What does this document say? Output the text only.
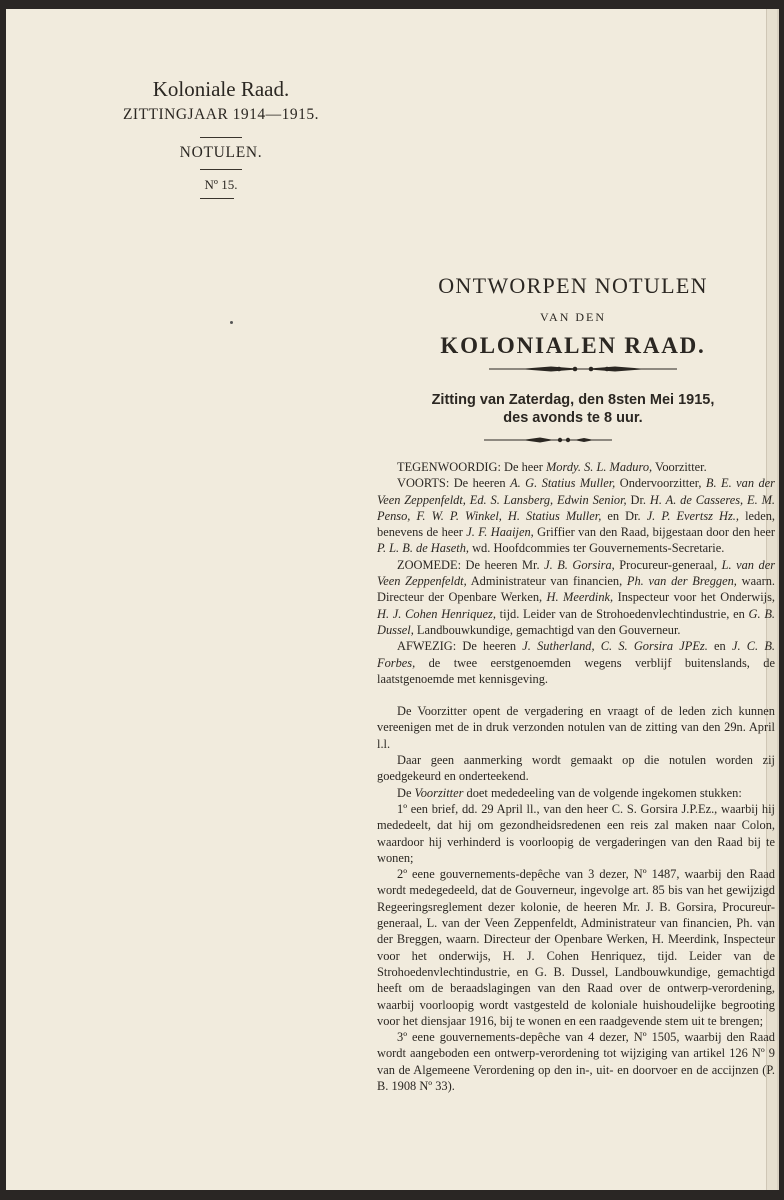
Koloniale Raad.
ZITTINGJAAR 1914—1915.
NOTULEN.
Nº 15.
ONTWORPEN NOTULEN
VAN DEN
KOLONIALEN RAAD.
Zitting van Zaterdag, den 8sten Mei 1915,
des avonds te 8 uur.

TEGENWOORDIG: De heer Mordy. S. L. Maduro, Voorzitter.

VOORTS: De heeren A. G. Statius Muller, Ondervoorzitter, B. E. van der Veen Zeppenfeldt, Ed. S. Lansberg, Edwin Senior, Dr. H. A. de Casseres, E. M. Penso, F. W. P. Winkel, H. Statius Muller, en Dr. J. P. Evertsz Hz., leden, benevens de heer J. F. Haaijen, Griffier van den Raad, bijgestaan door den heer P. L. B. de Haseth, wd. Hoofdcommies ter Gouvernements-Secretarie.

ZOOMEDE: De heeren Mr. J. B. Gorsira, Procureur-generaal, L. van der Veen Zeppenfeldt, Administrateur van financien, Ph. van der Breggen, waarn. Directeur der Openbare Werken, H. Meerdink, Inspecteur voor het Onderwijs, H. J. Cohen Henriquez, tijd. Leider van de Strohoedenvlechtindustrie, en G. B. Dussel, Landbouwkundige, gemachtigd van den Gouverneur.

AFWEZIG: De heeren J. Sutherland, C. S. Gorsira JPEz. en J. C. B. Forbes, de twee eerstgenoemden wegens verblijf buitenslands, de laatstgenoemde met kennisgeving.

De Voorzitter opent de vergadering en vraagt of de leden zich kunnen vereenigen met de in druk verzonden notulen van de zitting van den 29n. April l.l.

Daar geen aanmerking wordt gemaakt op die notulen worden zij goedgekeurd en onderteekend.

De Voorzitter doet mededeeling van de volgende ingekomen stukken:

1º een brief, dd. 29 April ll., van den heer C. S. Gorsira J.P.Ez., waarbij hij mededeelt, dat hij om gezondheidsredenen een reis zal maken naar Colon, waardoor hij verhinderd is voorloopig de vergaderingen van den Raad bij te wonen;

2º eene gouvernements-depêche van 3 dezer, Nº 1487, waarbij den Raad wordt medegedeeld, dat de Gouverneur, ingevolge art. 85 bis van het gewijzigd Regeeringsreglement dezer kolonie, de heeren Mr. J. B. Gorsira, Procureur-generaal, L. van der Veen Zeppenfeldt, Administrateur van financien, Ph. van der Breggen, waarn. Directeur der Openbare Werken, H. Meerdink, Inspecteur voor het onderwijs, H. J. Cohen Henriquez, tijd. Leider van de Strohoedenvlechtindustrie, en G. B. Dussel, Landbouwkundige, gemachtigd heeft om de beraadslagingen van den Raad over de ontwerp-verordening, waarbij voorloopig wordt vastgesteld de koloniale huishoudelijke begrooting voor het diensjaar 1916, bij te wonen en een raadgevende stem uit te brengen;

3º eene gouvernements-depêche van 4 dezer, Nº 1505, waarbij den Raad wordt aangeboden een ontwerp-verordening tot wijziging van artikel 126 Nº 9 van de Algemeene Verordening op den in-, uit- en doorvoer en de accijnzen (P. B. 1908 Nº 33).
